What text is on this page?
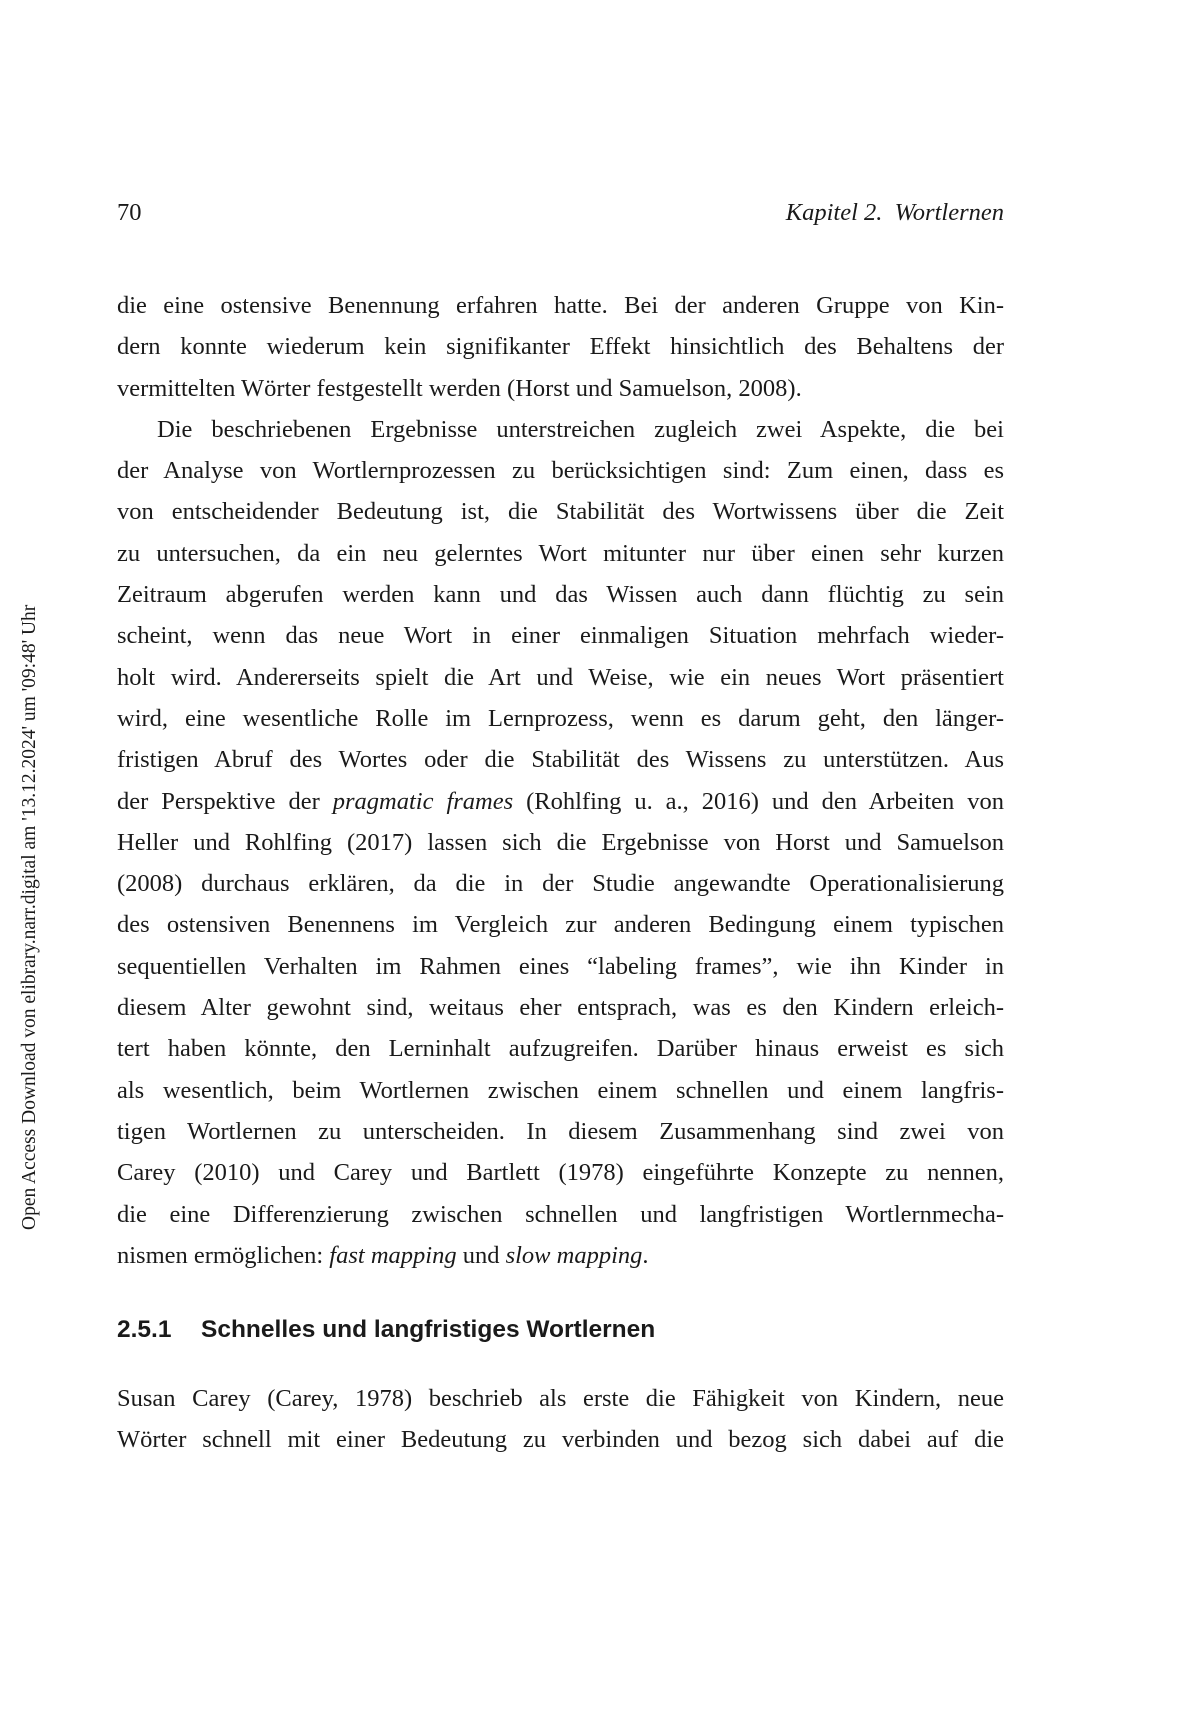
70	Kapitel 2.  Wortlernen
Open Access Download von elibrary.narr.digital am '13.12.2024' um '09:48' Uhr
die eine ostensive Benennung erfahren hatte. Bei der anderen Gruppe von Kin-
dern konnte wiederum kein signifikanter Effekt hinsichtlich des Behaltens der
vermittelten Wörter festgestellt werden (Horst und Samuelson, 2008).
Die beschriebenen Ergebnisse unterstreichen zugleich zwei Aspekte, die bei
der Analyse von Wortlernprozessen zu berücksichtigen sind: Zum einen, dass es
von entscheidender Bedeutung ist, die Stabilität des Wortwissens über die Zeit
zu untersuchen, da ein neu gelerntes Wort mitunter nur über einen sehr kurzen
Zeitraum abgerufen werden kann und das Wissen auch dann flüchtig zu sein
scheint, wenn das neue Wort in einer einmaligen Situation mehrfach wieder-
holt wird. Andererseits spielt die Art und Weise, wie ein neues Wort präsentiert
wird, eine wesentliche Rolle im Lernprozess, wenn es darum geht, den länger-
fristigen Abruf des Wortes oder die Stabilität des Wissens zu unterstützen. Aus
der Perspektive der pragmatic frames (Rohlfing u. a., 2016) und den Arbeiten von
Heller und Rohlfing (2017) lassen sich die Ergebnisse von Horst und Samuelson
(2008) durchaus erklären, da die in der Studie angewandte Operationalisierung
des ostensiven Benennens im Vergleich zur anderen Bedingung einem typischen
sequentiellen Verhalten im Rahmen eines “labeling frames”, wie ihn Kinder in
diesem Alter gewohnt sind, weitaus eher entsprach, was es den Kindern erleich-
tert haben könnte, den Lerninhalt aufzugreifen. Darüber hinaus erweist es sich
als wesentlich, beim Wortlernen zwischen einem schnellen und einem langfris-
tigen Wortlernen zu unterscheiden. In diesem Zusammenhang sind zwei von
Carey (2010) und Carey und Bartlett (1978) eingeführte Konzepte zu nennen,
die eine Differenzierung zwischen schnellen und langfristigen Wortlernmecha-
nismen ermöglichen: fast mapping und slow mapping.
2.5.1 Schnelles und langfristiges Wortlernen
Susan Carey (Carey, 1978) beschrieb als erste die Fähigkeit von Kindern, neue
Wörter schnell mit einer Bedeutung zu verbinden und bezog sich dabei auf die
